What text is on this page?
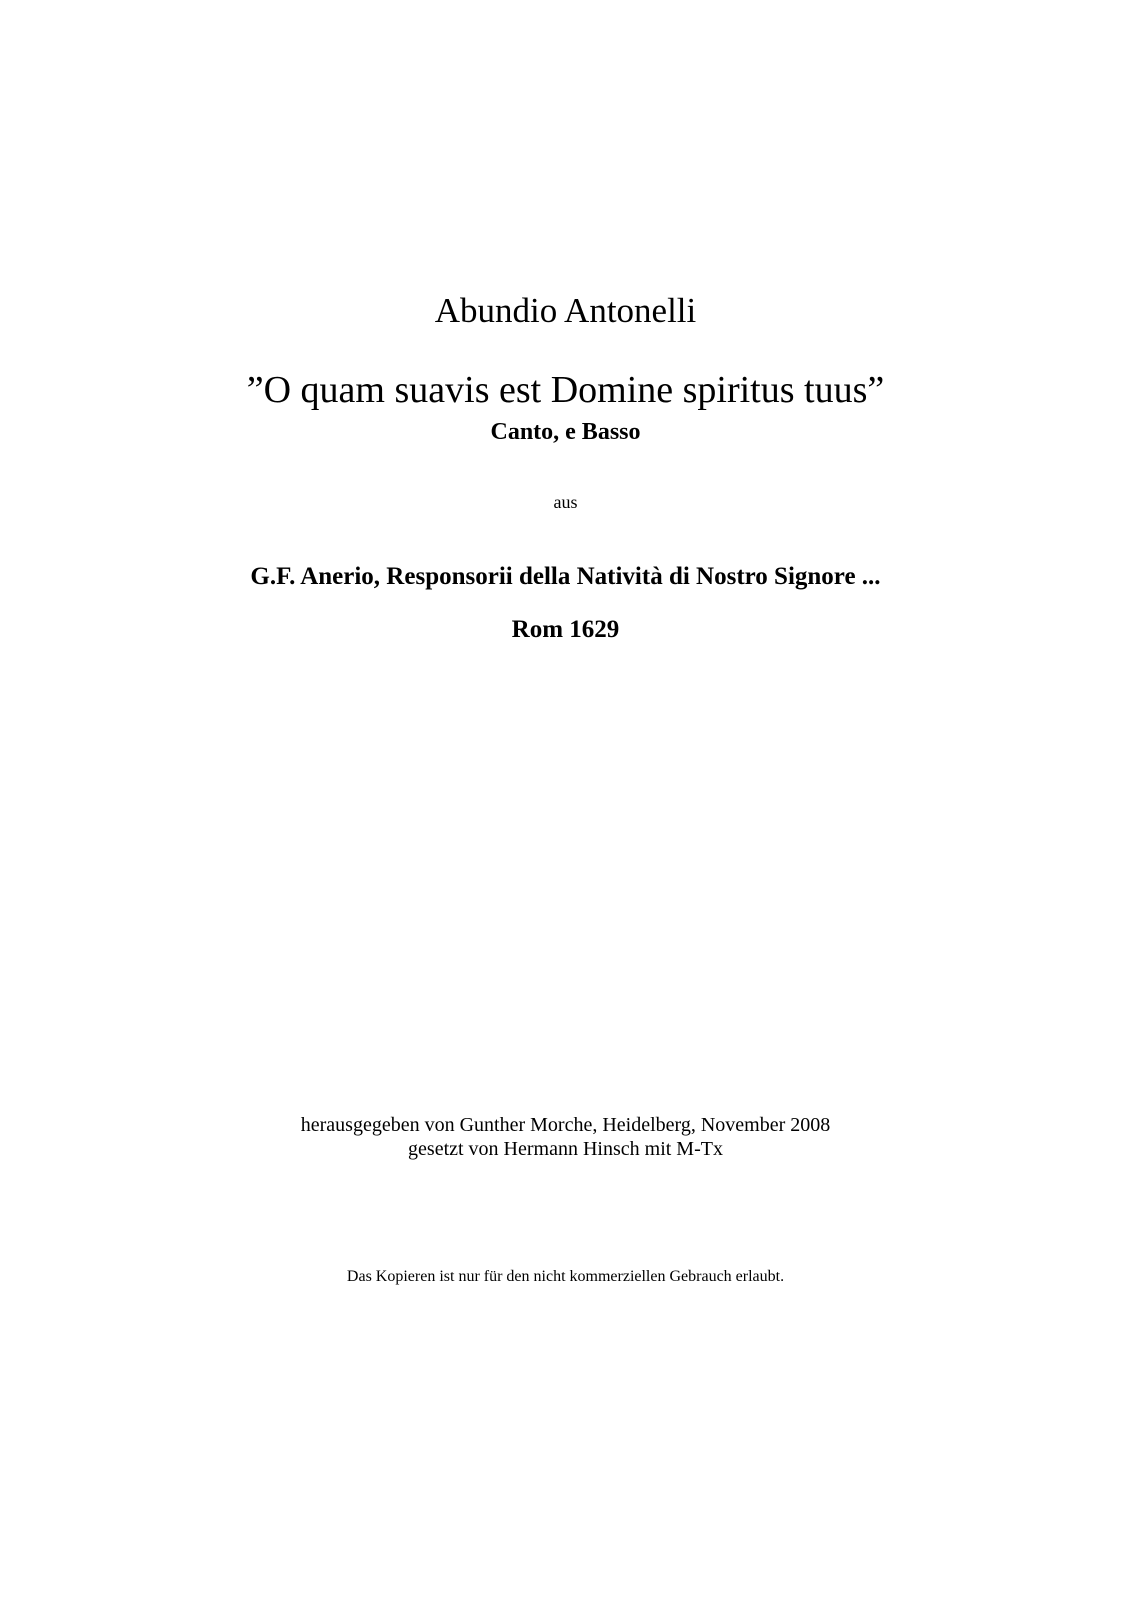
Abundio Antonelli
”O quam suavis est Domine spiritus tuus”
Canto, e Basso
aus
G.F. Anerio, Responsorii della Natività di Nostro Signore ...
Rom 1629
herausgegeben von Gunther Morche, Heidelberg, November 2008
gesetzt von Hermann Hinsch mit M-Tx
Das Kopieren ist nur für den nicht kommerziellen Gebrauch erlaubt.
